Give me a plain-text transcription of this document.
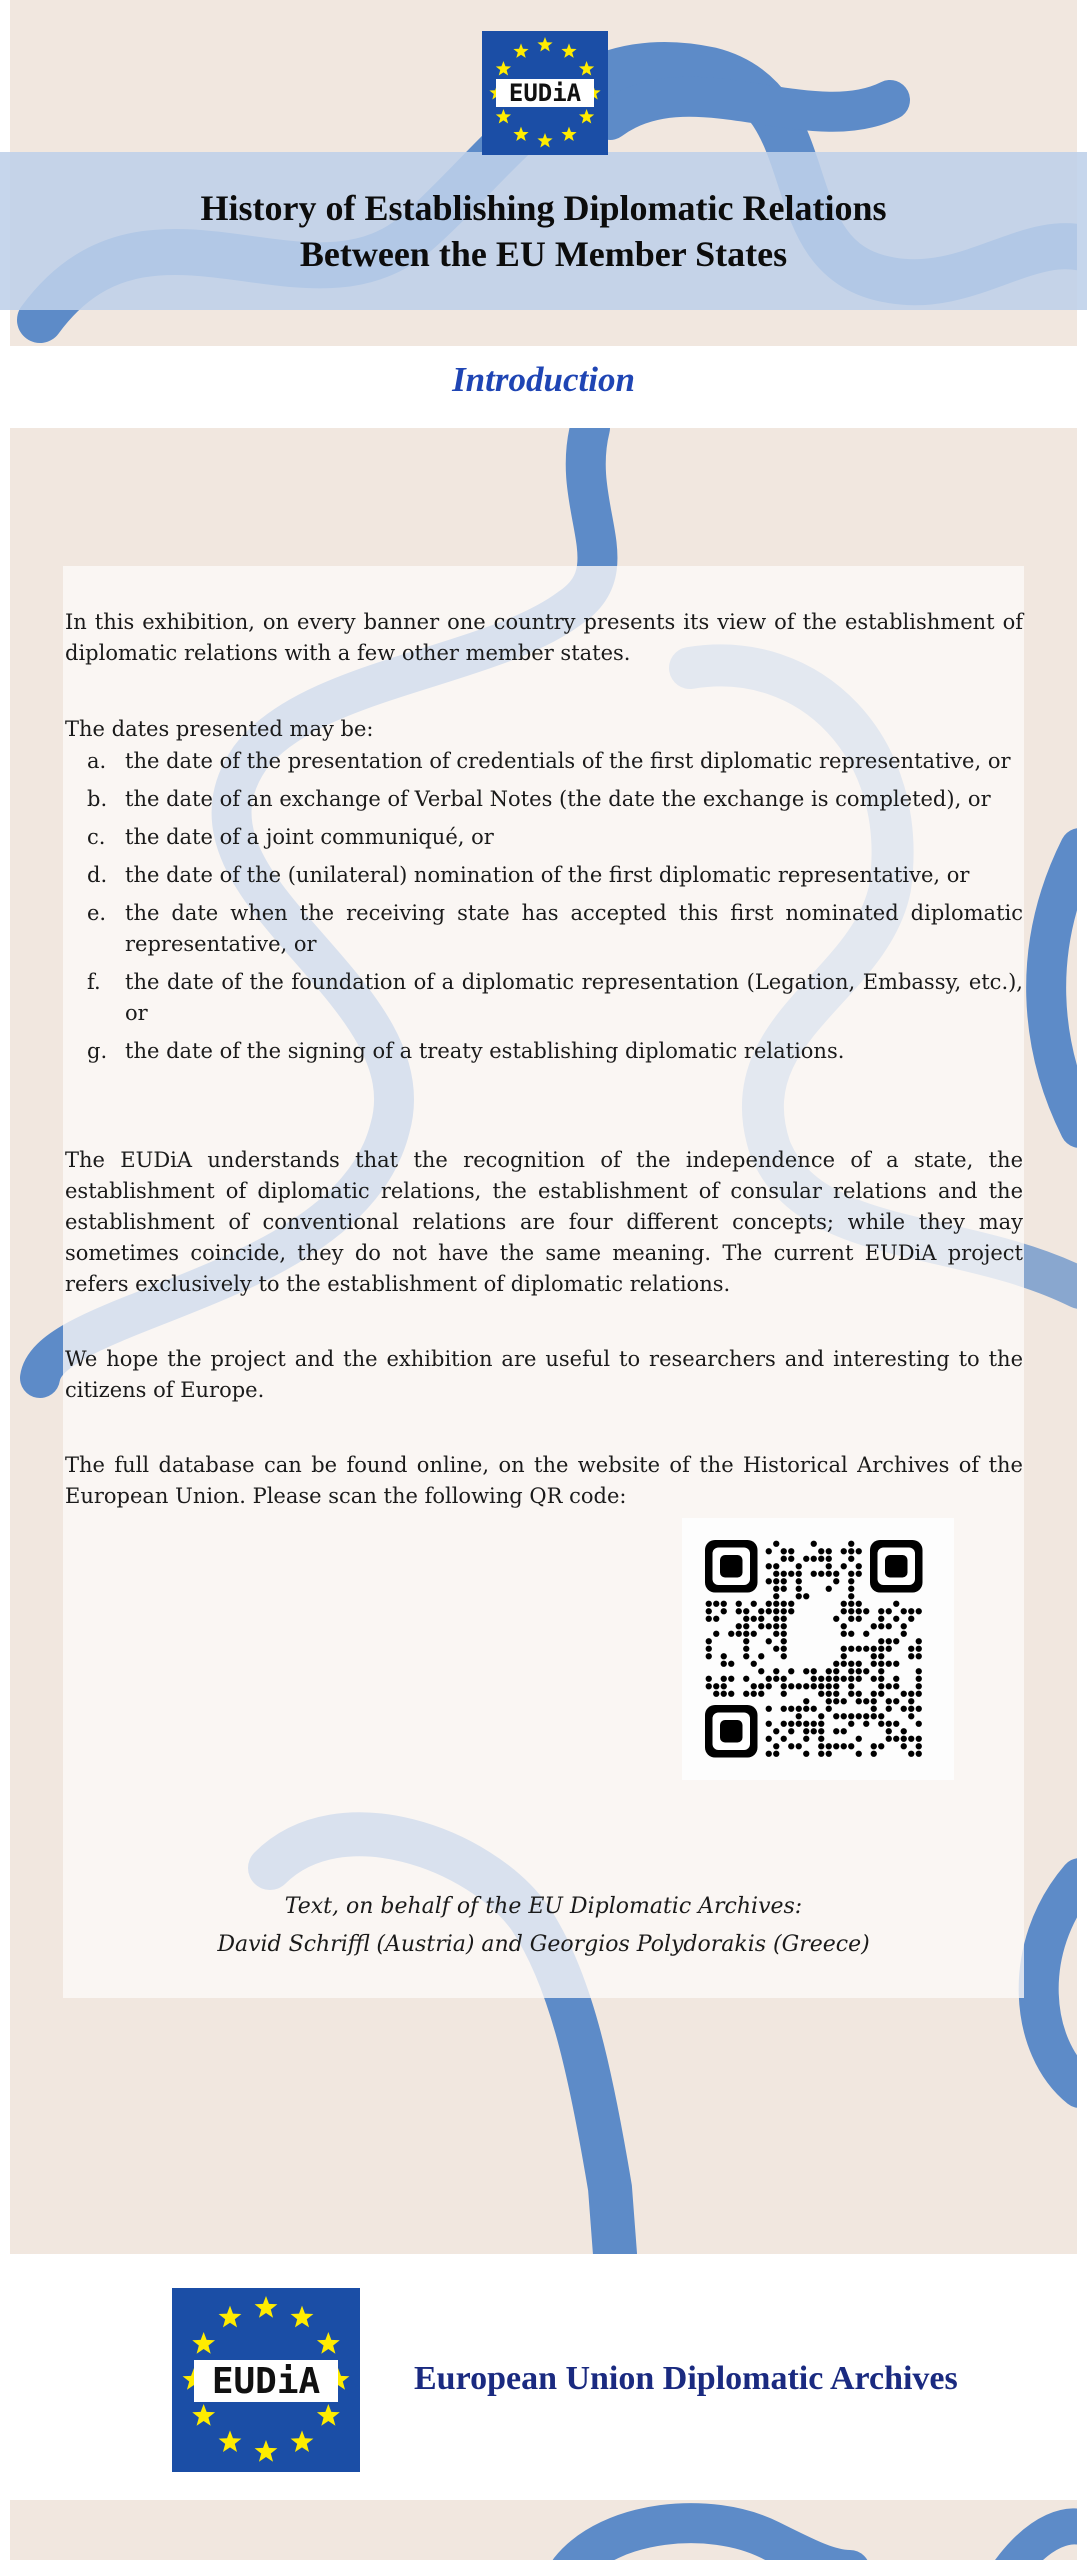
History of Establishing Diplomatic Relations
Between the EU Member States
EUDiA
Introduction

In this exhibition, on every banner one country presents its view of the establishment of diplomatic relations with a few other member states.

The dates presented may be:

a. the date of the presentation of credentials of the first diplomatic representative, or
b. the date of an exchange of Verbal Notes (the date the exchange is completed), or
c. the date of a joint communiqué, or
d. the date of the (unilateral) nomination of the first diplomatic representative, or
e. the date when the receiving state has accepted this first nominated diplomatic representative, or
f. the date of the foundation of a diplomatic representation (Legation, Embassy, etc.), or
g. the date of the signing of a treaty establishing diplomatic relations.

The EUDiA understands that the recognition of the independence of a state, the establishment of diplomatic relations, the establishment of consular relations and the establishment of conventional relations are four different concepts; while they may sometimes coincide, they do not have the same meaning. The current EUDiA project refers exclusively to the establishment of diplomatic relations.

We hope the project and the exhibition are useful to researchers and interesting to the citizens of Europe.

The full database can be found online, on the website of the Historical Archives of the European Union. Please scan the following QR code:

Text, on behalf of the EU Diplomatic Archives:
David Schriffl (Austria) and Georgios Polydorakis (Greece)
EUDiA	European Union Diplomatic Archives
